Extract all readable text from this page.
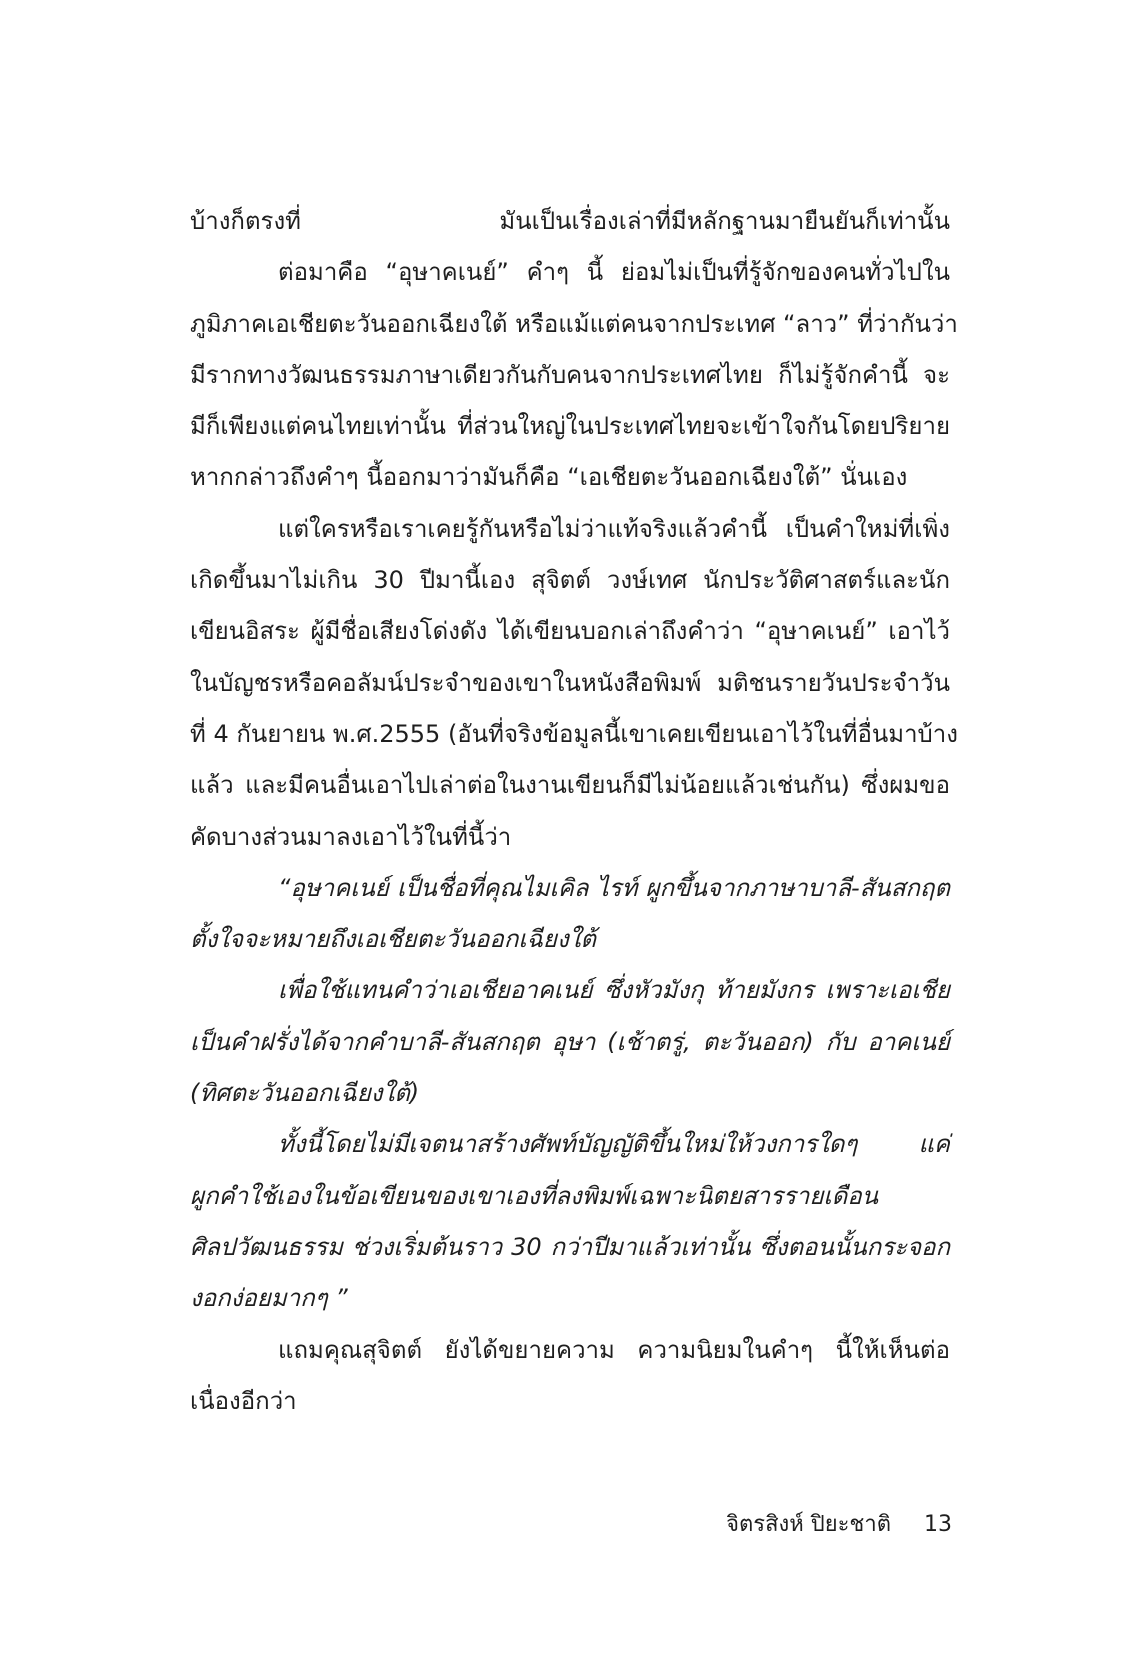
บ้างก็ตรงที่ มันเป็นเรื่องเล่าที่มีหลักฐานมายืนยันก็เท่านั้น
ต่อมาคือ “อุษาคเนย์” คำๆ นี้ ย่อมไม่เป็นที่รู้จักของคนทั่วไปใน
ภูมิภาคเอเชียตะวันออกเฉียงใต้ หรือแม้แต่คนจากประเทศ “ลาว” ที่ว่ากันว่า
มีรากทางวัฒนธรรมภาษาเดียวกันกับคนจากประเทศไทย ก็ไม่รู้จักคำนี้ จะ
มีก็เพียงแต่คนไทยเท่านั้น ที่ส่วนใหญ่ในประเทศไทยจะเข้าใจกันโดยปริยาย
หากกล่าวถึงคำๆ นี้ออกมาว่ามันก็คือ “เอเชียตะวันออกเฉียงใต้” นั่นเอง
แต่ใครหรือเราเคยรู้กันหรือไม่ว่าแท้จริงแล้วคำนี้ เป็นคำใหม่ที่เพิ่ง
เกิดขึ้นมาไม่เกิน 30 ปีมานี้เอง สุจิตต์ วงษ์เทศ นักประวัติศาสตร์และนัก
เขียนอิสระ ผู้มีชื่อเสียงโด่งดัง ได้เขียนบอกเล่าถึงคำว่า “อุษาคเนย์” เอาไว้
ในบัญชรหรือคอลัมน์ประจำของเขาในหนังสือพิมพ์ มติชนรายวันประจำวัน
ที่ 4 กันยายน พ.ศ.2555 (อันที่จริงข้อมูลนี้เขาเคยเขียนเอาไว้ในที่อื่นมาบ้าง
แล้ว และมีคนอื่นเอาไปเล่าต่อในงานเขียนก็มีไม่น้อยแล้วเช่นกัน) ซึ่งผมขอ
คัดบางส่วนมาลงเอาไว้ในที่นี้ว่า
“อุษาคเนย์ เป็นชื่อที่คุณไมเคิล ไรท์ ผูกขึ้นจากภาษาบาลี-สันสกฤต
ตั้งใจจะหมายถึงเอเชียตะวันออกเฉียงใต้
เพื่อใช้แทนคำว่าเอเชียอาคเนย์ ซึ่งหัวมังกุ ท้ายมังกร เพราะเอเชีย
เป็นคำฝรั่งได้จากคำบาลี-สันสกฤต อุษา (เช้าตรู่, ตะวันออก) กับ อาคเนย์
(ทิศตะวันออกเฉียงใต้)
ทั้งนี้โดยไม่มีเจตนาสร้างศัพท์บัญญัติขึ้นใหม่ให้วงการใดๆ แค่
ผูกคำใช้เองในข้อเขียนของเขาเองที่ลงพิมพ์เฉพาะนิตยสารรายเดือน
ศิลปวัฒนธรรม ช่วงเริ่มต้นราว 30 กว่าปีมาแล้วเท่านั้น ซึ่งตอนนั้นกระจอก
งอกง่อยมากๆ ”
แถมคุณสุจิตต์ ยังได้ขยายความ ความนิยมในคำๆ นี้ให้เห็นต่อ
เนื่องอีกว่า
จิตรสิงห์ ปิยะชาติ 13
